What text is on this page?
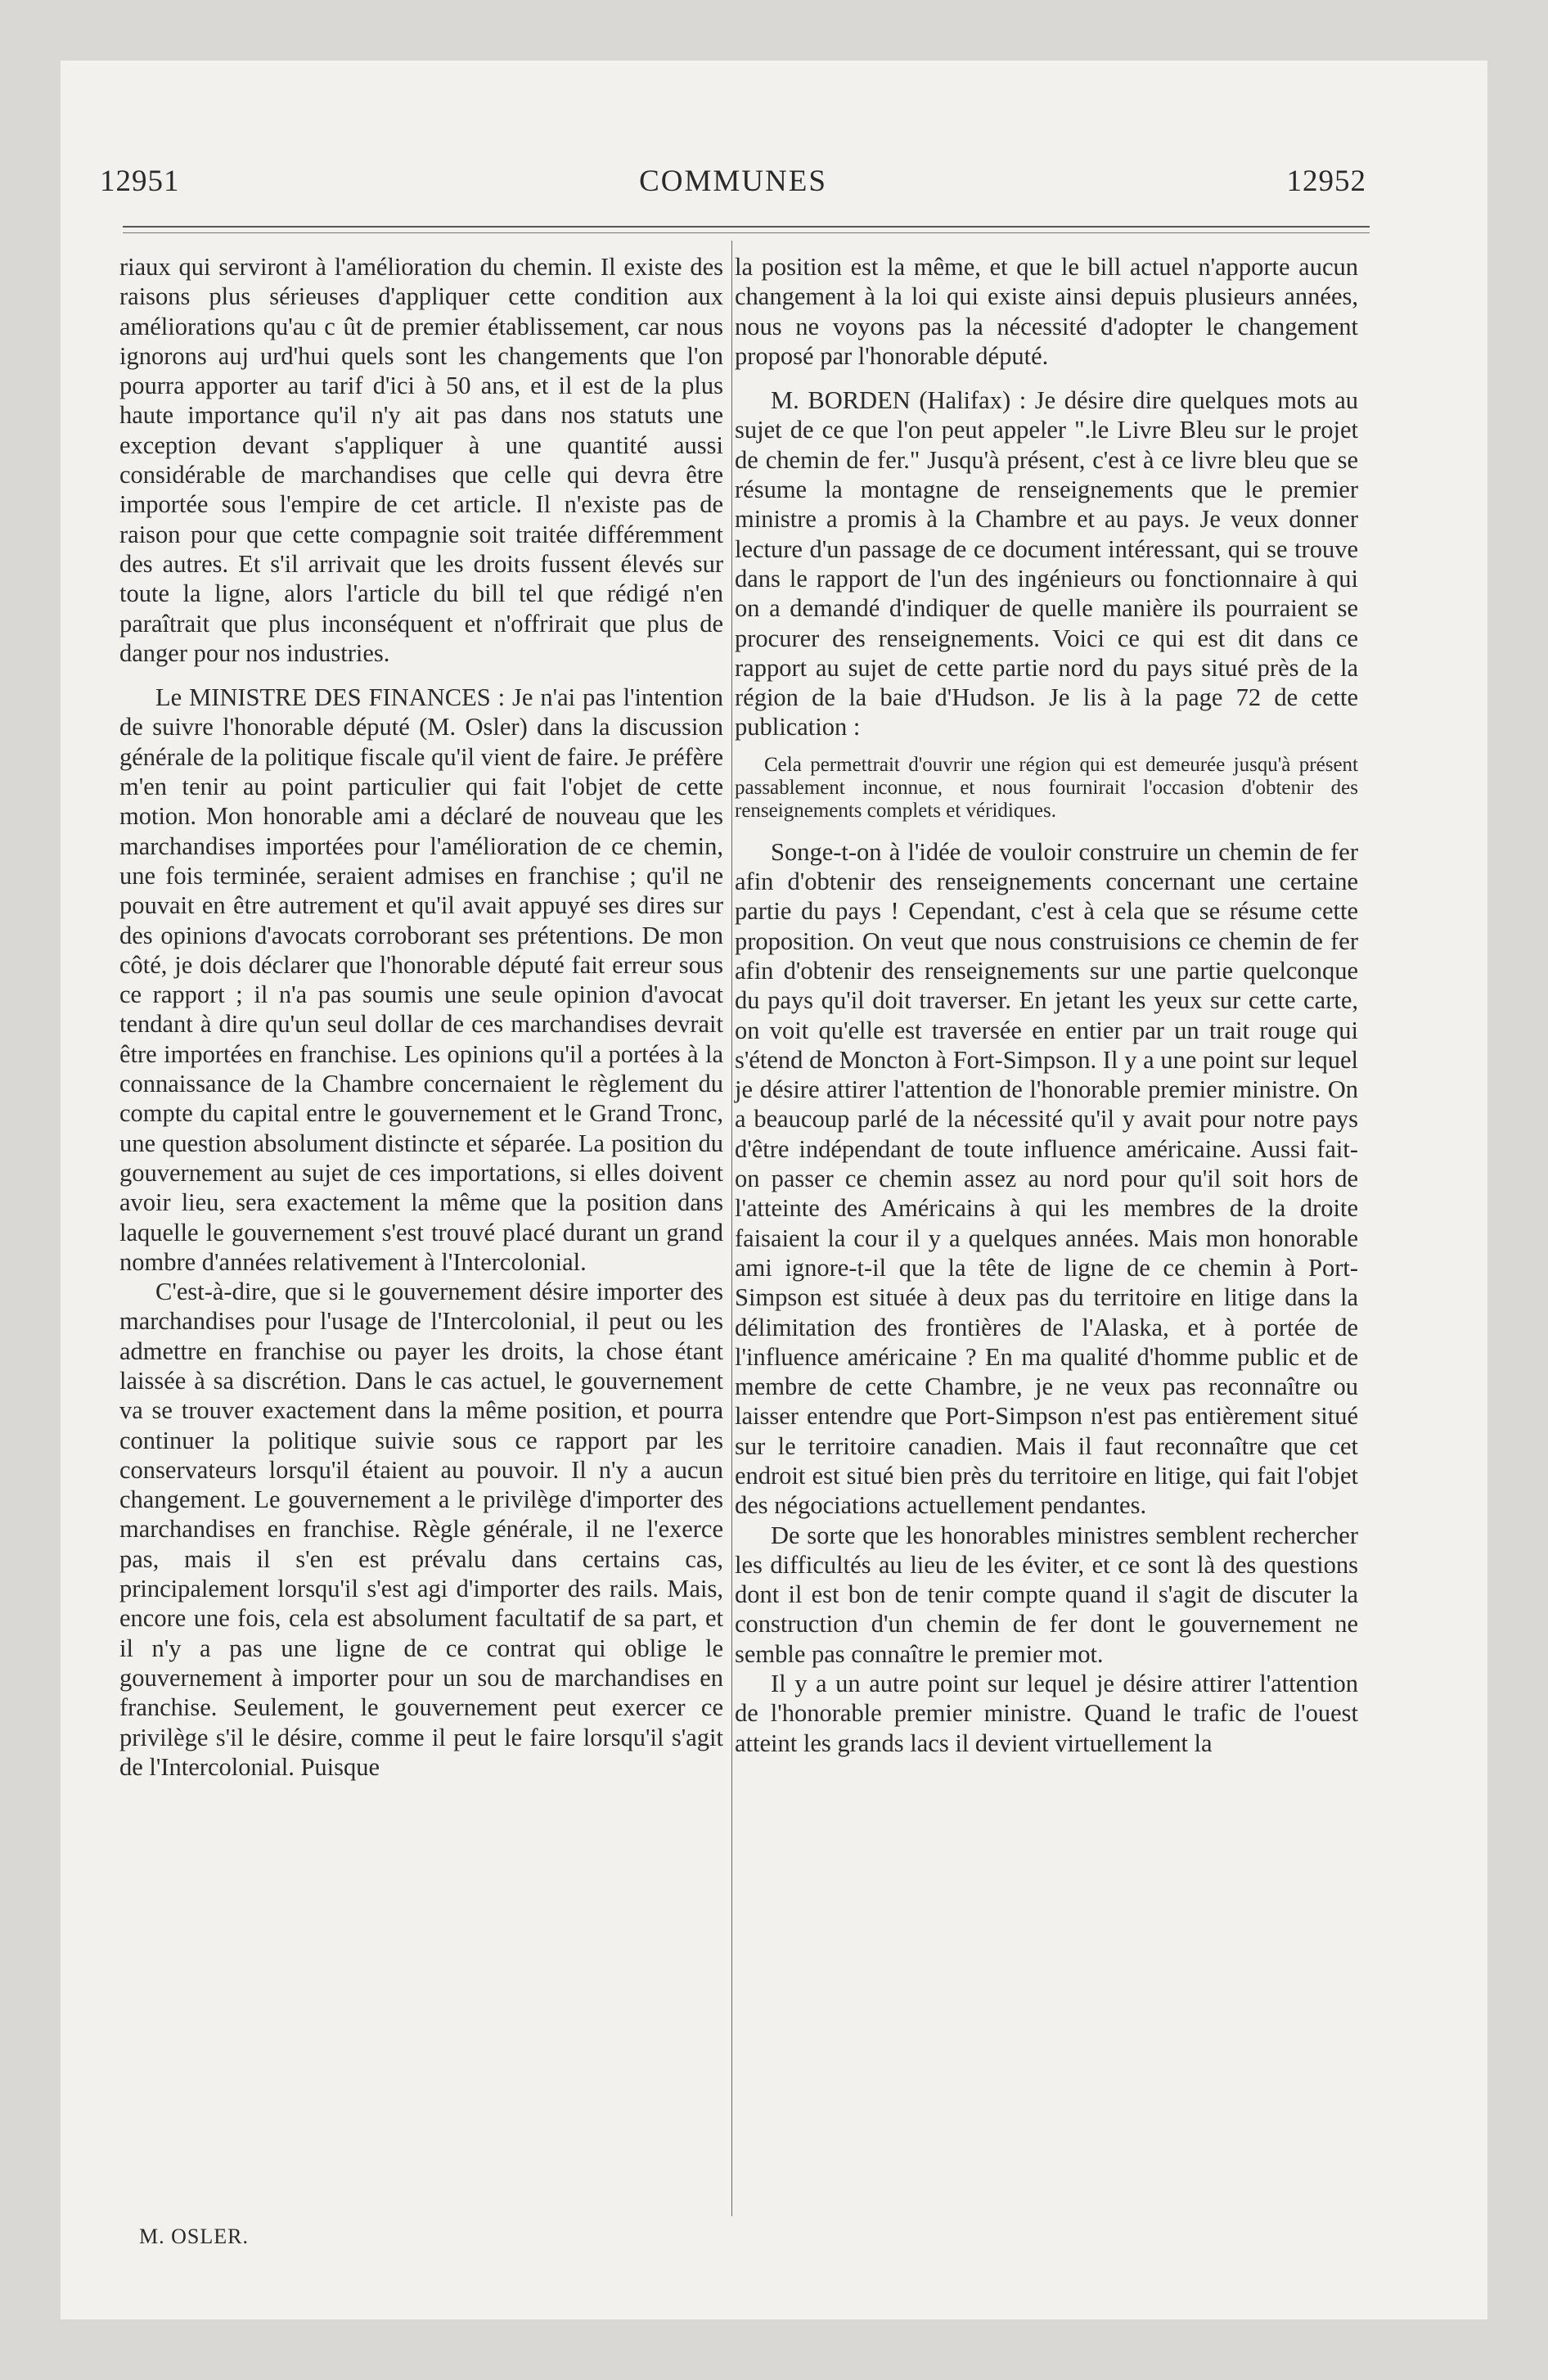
12951	COMMUNES	12952

riaux qui serviront à l'amélioration du chemin. Il existe des raisons plus sérieuses d'appliquer cette condition aux améliorations qu'au c ût de premier établissement, car nous ignorons auj urd'hui quels sont les changements que l'on pourra apporter au tarif d'ici à 50 ans, et il est de la plus haute importance qu'il n'y ait pas dans nos statuts une exception devant s'appliquer à une quantité aussi considérable de marchandises que celle qui devra être importée sous l'empire de cet article. Il n'existe pas de raison pour que cette compagnie soit traitée différemment des autres. Et s'il arrivait que les droits fussent élevés sur toute la ligne, alors l'article du bill tel que rédigé n'en paraîtrait que plus inconséquent et n'offrirait que plus de danger pour nos industries.

Le MINISTRE DES FINANCES : Je n'ai pas l'intention de suivre l'honorable député (M. Osler) dans la discussion générale de la politique fiscale qu'il vient de faire. Je préfère m'en tenir au point particulier qui fait l'objet de cette motion. Mon honorable ami a déclaré de nouveau que les marchandises importées pour l'amélioration de ce chemin, une fois terminée, seraient admises en franchise ; qu'il ne pouvait en être autrement et qu'il avait appuyé ses dires sur des opinions d'avocats corroborant ses prétentions. De mon côté, je dois déclarer que l'honorable député fait erreur sous ce rapport ; il n'a pas soumis une seule opinion d'avocat tendant à dire qu'un seul dollar de ces marchandises devrait être importées en franchise. Les opinions qu'il a portées à la connaissance de la Chambre concernaient le règlement du compte du capital entre le gouvernement et le Grand Tronc, une question absolument distincte et séparée. La position du gouvernement au sujet de ces importations, si elles doivent avoir lieu, sera exactement la même que la position dans laquelle le gouvernement s'est trouvé placé durant un grand nombre d'années relativement à l'Intercolonial.

C'est-à-dire, que si le gouvernement désire importer des marchandises pour l'usage de l'Intercolonial, il peut ou les admettre en franchise ou payer les droits, la chose étant laissée à sa discrétion. Dans le cas actuel, le gouvernement va se trouver exactement dans la même position, et pourra continuer la politique suivie sous ce rapport par les conservateurs lorsqu'il étaient au pouvoir. Il n'y a aucun changement. Le gouvernement a le privilège d'importer des marchandises en franchise. Règle générale, il ne l'exerce pas, mais il s'en est prévalu dans certains cas, principalement lorsqu'il s'est agi d'importer des rails. Mais, encore une fois, cela est absolument facultatif de sa part, et il n'y a pas une ligne de ce contrat qui oblige le gouvernement à importer pour un sou de marchandises en franchise. Seulement, le gouvernement peut exercer ce privilège s'il le désire, comme il peut le faire lorsqu'il s'agit de l'Intercolonial. Puisque

la position est la même, et que le bill actuel n'apporte aucun changement à la loi qui existe ainsi depuis plusieurs années, nous ne voyons pas la nécessité d'adopter le changement proposé par l'honorable député.

M. BORDEN (Halifax) : Je désire dire quelques mots au sujet de ce que l'on peut appeler ".le Livre Bleu sur le projet de chemin de fer." Jusqu'à présent, c'est à ce livre bleu que se résume la montagne de renseignements que le premier ministre a promis à la Chambre et au pays. Je veux donner lecture d'un passage de ce document intéressant, qui se trouve dans le rapport de l'un des ingénieurs ou fonctionnaire à qui on a demandé d'indiquer de quelle manière ils pourraient se procurer des renseignements. Voici ce qui est dit dans ce rapport au sujet de cette partie nord du pays situé près de la région de la baie d'Hudson. Je lis à la page 72 de cette publication :

Cela permettrait d'ouvrir une région qui est demeurée jusqu'à présent passablement inconnue, et nous fournirait l'occasion d'obtenir des renseignements complets et véridiques.

Songe-t-on à l'idée de vouloir construire un chemin de fer afin d'obtenir des renseignements concernant une certaine partie du pays ! Cependant, c'est à cela que se résume cette proposition. On veut que nous construisions ce chemin de fer afin d'obtenir des renseignements sur une partie quelconque du pays qu'il doit traverser. En jetant les yeux sur cette carte, on voit qu'elle est traversée en entier par un trait rouge qui s'étend de Moncton à Fort-Simpson. Il y a une point sur lequel je désire attirer l'attention de l'honorable premier ministre. On a beaucoup parlé de la nécessité qu'il y avait pour notre pays d'être indépendant de toute influence américaine. Aussi fait-on passer ce chemin assez au nord pour qu'il soit hors de l'atteinte des Américains à qui les membres de la droite faisaient la cour il y a quelques années. Mais mon honorable ami ignore-t-il que la tête de ligne de ce chemin à Port-Simpson est située à deux pas du territoire en litige dans la délimitation des frontières de l'Alaska, et à portée de l'influence américaine ? En ma qualité d'homme public et de membre de cette Chambre, je ne veux pas reconnaître ou laisser entendre que Port-Simpson n'est pas entièrement situé sur le territoire canadien. Mais il faut reconnaître que cet endroit est situé bien près du territoire en litige, qui fait l'objet des négociations actuellement pendantes.

De sorte que les honorables ministres semblent rechercher les difficultés au lieu de les éviter, et ce sont là des questions dont il est bon de tenir compte quand il s'agit de discuter la construction d'un chemin de fer dont le gouvernement ne semble pas connaître le premier mot.

Il y a un autre point sur lequel je désire attirer l'attention de l'honorable premier ministre. Quand le trafic de l'ouest atteint les grands lacs il devient virtuellement la

M. OSLER.
